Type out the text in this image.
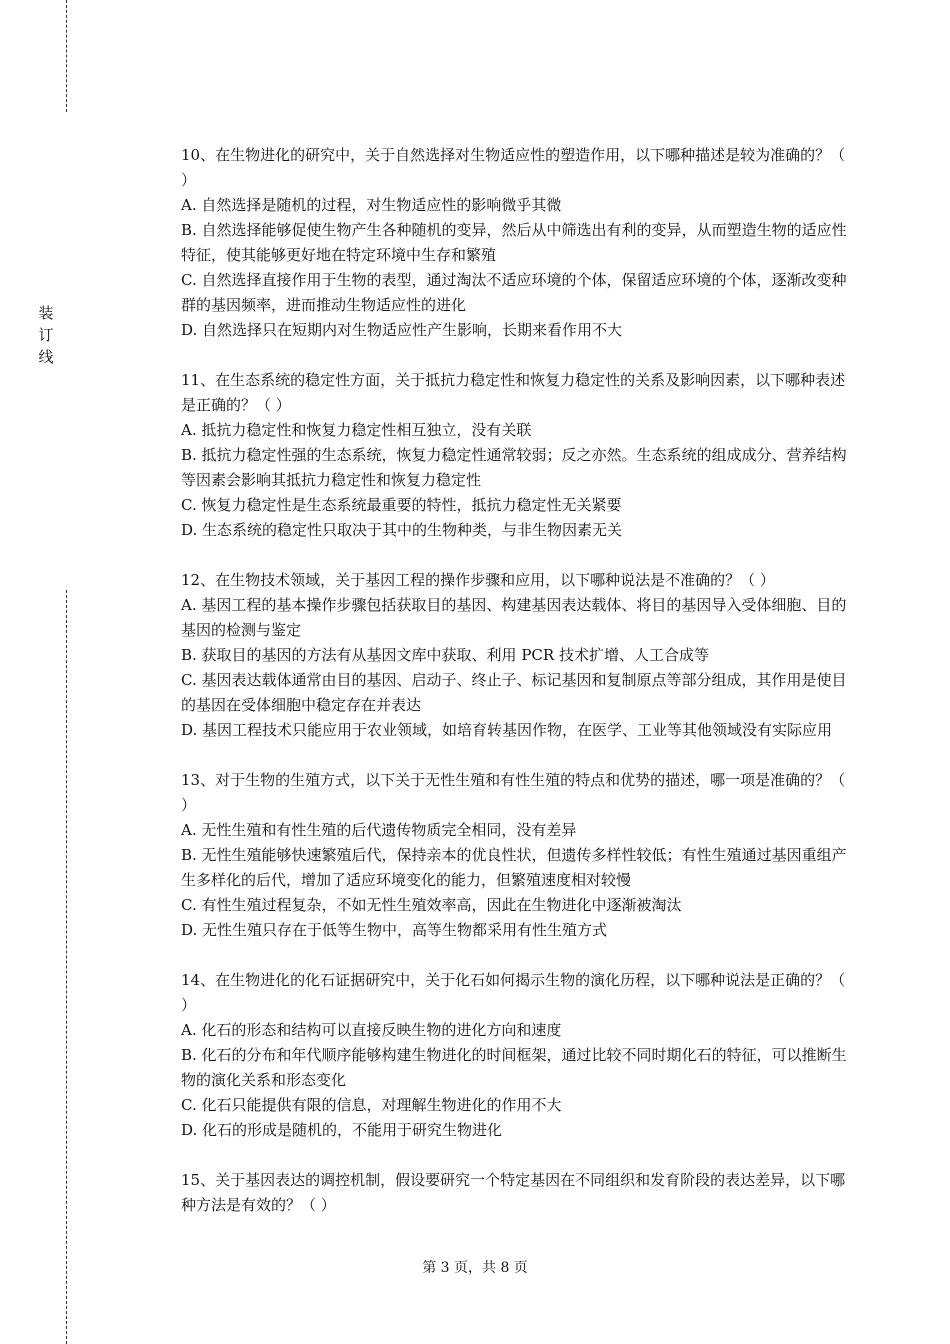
装
订
线

10、在生物进化的研究中，关于自然选择对生物适应性的塑造作用，以下哪种描述是较为准确的？（ ）

A. 自然选择是随机的过程，对生物适应性的影响微乎其微

B. 自然选择能够促使生物产生各种随机的变异，然后从中筛选出有利的变异，从而塑造生物的适应性特征，使其能够更好地在特定环境中生存和繁殖

C. 自然选择直接作用于生物的表型，通过淘汰不适应环境的个体，保留适应环境的个体，逐渐改变种群的基因频率，进而推动生物适应性的进化

D. 自然选择只在短期内对生物适应性产生影响，长期来看作用不大

11、在生态系统的稳定性方面，关于抵抗力稳定性和恢复力稳定性的关系及影响因素，以下哪种表述是正确的？（ ）

A. 抵抗力稳定性和恢复力稳定性相互独立，没有关联

B. 抵抗力稳定性强的生态系统，恢复力稳定性通常较弱；反之亦然。生态系统的组成成分、营养结构等因素会影响其抵抗力稳定性和恢复力稳定性

C. 恢复力稳定性是生态系统最重要的特性，抵抗力稳定性无关紧要

D. 生态系统的稳定性只取决于其中的生物种类，与非生物因素无关

12、在生物技术领域，关于基因工程的操作步骤和应用，以下哪种说法是不准确的？（ ）

A. 基因工程的基本操作步骤包括获取目的基因、构建基因表达载体、将目的基因导入受体细胞、目的基因的检测与鉴定

B. 获取目的基因的方法有从基因文库中获取、利用 PCR 技术扩增、人工合成等

C. 基因表达载体通常由目的基因、启动子、终止子、标记基因和复制原点等部分组成，其作用是使目的基因在受体细胞中稳定存在并表达

D. 基因工程技术只能应用于农业领域，如培育转基因作物，在医学、工业等其他领域没有实际应用

13、对于生物的生殖方式，以下关于无性生殖和有性生殖的特点和优势的描述，哪一项是准确的？（ ）

A. 无性生殖和有性生殖的后代遗传物质完全相同，没有差异

B. 无性生殖能够快速繁殖后代，保持亲本的优良性状，但遗传多样性较低；有性生殖通过基因重组产生多样化的后代，增加了适应环境变化的能力，但繁殖速度相对较慢

C. 有性生殖过程复杂，不如无性生殖效率高，因此在生物进化中逐渐被淘汰

D. 无性生殖只存在于低等生物中，高等生物都采用有性生殖方式

14、在生物进化的化石证据研究中，关于化石如何揭示生物的演化历程，以下哪种说法是正确的？（ ）

A. 化石的形态和结构可以直接反映生物的进化方向和速度

B. 化石的分布和年代顺序能够构建生物进化的时间框架，通过比较不同时期化石的特征，可以推断生物的演化关系和形态变化

C. 化石只能提供有限的信息，对理解生物进化的作用不大

D. 化石的形成是随机的，不能用于研究生物进化

15、关于基因表达的调控机制，假设要研究一个特定基因在不同组织和发育阶段的表达差异，以下哪种方法是有效的？（ ）

第 3 页，共 8 页
